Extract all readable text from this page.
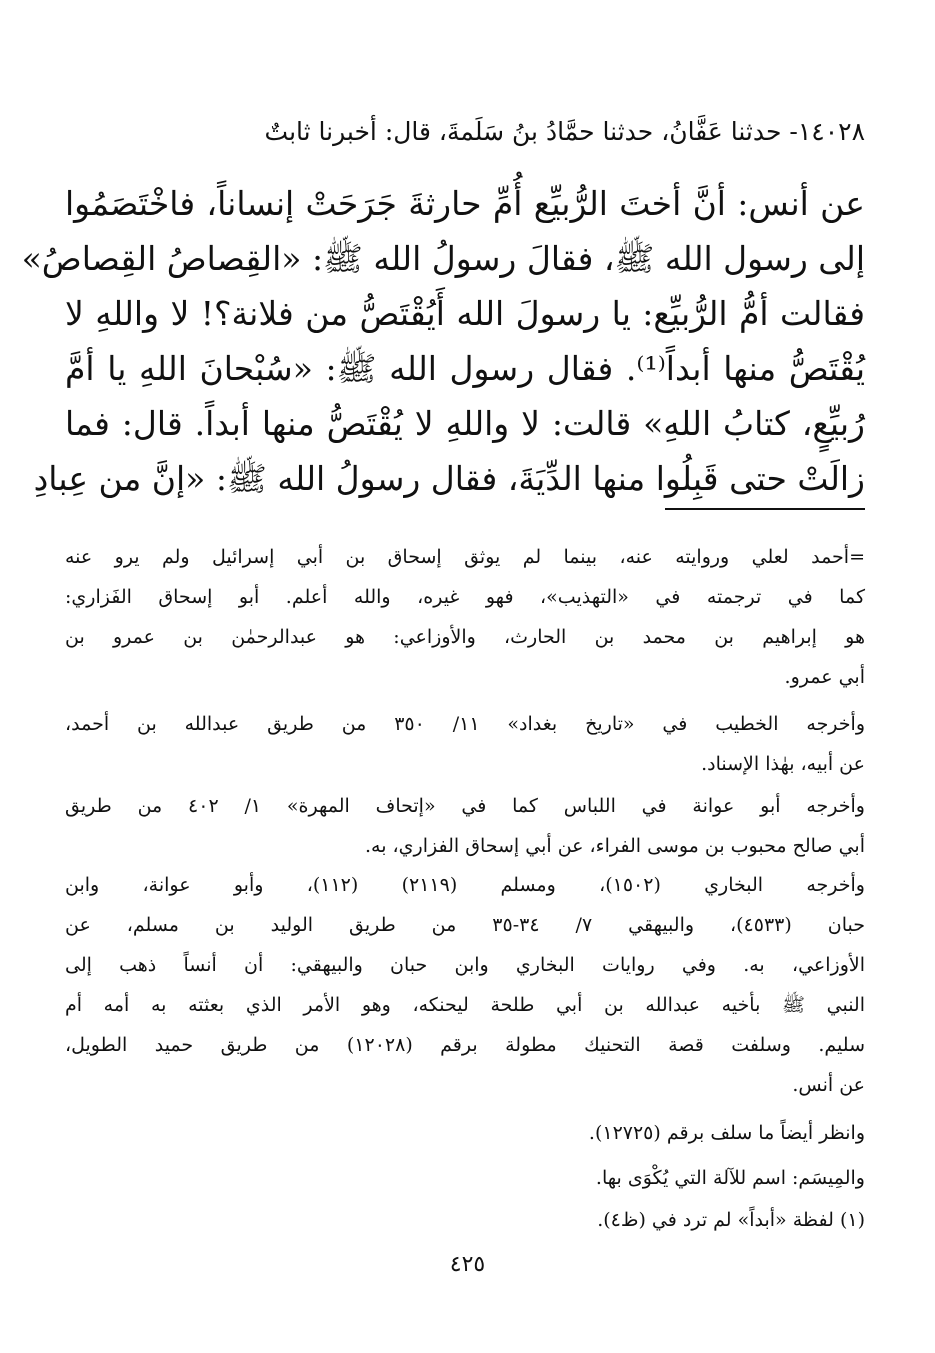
١٤٠٢٨- حدثنا عَفَّانُ، حدثنا حمَّادُ بنُ سَلَمةَ، قال: أخبرنا ثابتٌ
عن أنس: أنَّ أختَ الرُّبيِّع أُمِّ حارثةَ جَرَحَتْ إنساناً، فاخْتَصَمُوا
إلى رسول الله ﷺ، فقالَ رسولُ الله ﷺ: «القِصاصُ القِصاصُ»
فقالت أمُّ الرُّبيِّع: يا رسولَ الله أَيُقْتَصُّ من فلانة؟! لا واللهِ لا
يُقْتَصُّ منها أبداً⁽¹⁾. فقال رسول الله ﷺ: «سُبْحانَ اللهِ يا أمَّ
رُبيِّعٍ، كتابُ اللهِ» قالت: لا واللهِ لا يُقْتَصُّ منها أبداً. قال: فما
زالَتْ حتى قَبِلُوا منها الدِّيَةَ، فقال رسولُ الله ﷺ: «إنَّ من عِبادِ
=أحمد لعلي وروايته عنه، بينما لم يوثق إسحاق بن أبي إسرائيل ولم يرو عنه
كما في ترجمته في «التهذيب»، فهو غيره، والله أعلم. أبو إسحاق الفَزاري:
هو إبراهيم بن محمد بن الحارث، والأوزاعي: هو عبدالرحمٰن بن عمرو بن
أبي عمرو.
وأخرجه الخطيب في «تاريخ بغداد» ١١/ ٣٥٠ من طريق عبدالله بن أحمد،
عن أبيه، بهٰذا الإسناد.
وأخرجه أبو عوانة في اللباس كما في «إتحاف المهرة» ١/ ٤٠٢ من طريق
أبي صالح محبوب بن موسى الفراء، عن أبي إسحاق الفزاري، به.
وأخرجه البخاري (١٥٠٢)، ومسلم (٢١١٩) (١١٢)، وأبو عوانة، وابن
حبان (٤٥٣٣)، والبيهقي ٧/ ٣٤-٣٥ من طريق الوليد بن مسلم، عن
الأوزاعي، به. وفي روايات البخاري وابن حبان والبيهقي: أن أنساً ذهب إلى
النبي ﷺ بأخيه عبدالله بن أبي طلحة ليحنكه، وهو الأمر الذي بعثته به أمه أم
سليم. وسلفت قصة التحنيك مطولة برقم (١٢٠٢٨) من طريق حميد الطويل،
عن أنس.
وانظر أيضاً ما سلف برقم (١٢٧٢٥).
والمِيسَم: اسم للآلة التي يُكْوَى بها.
(١) لفظة «أبداً» لم ترد في (ظ٤).
٤٢٥
